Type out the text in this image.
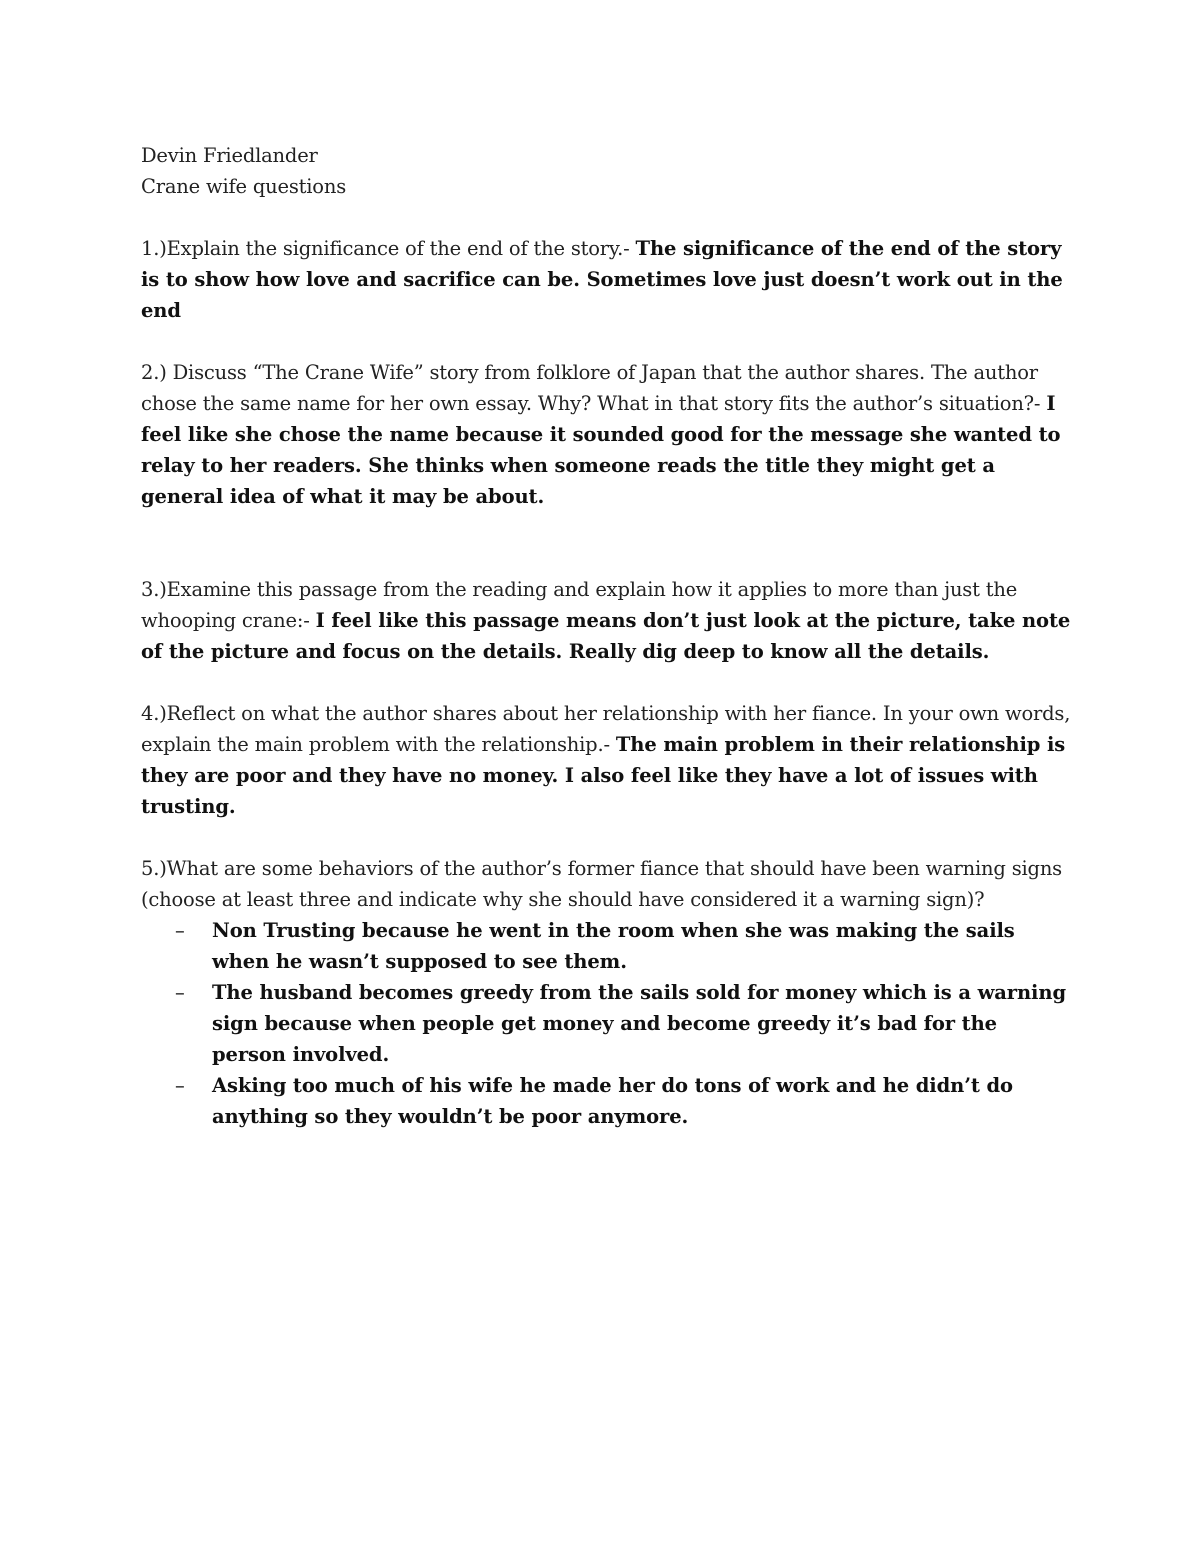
Devin Friedlander
Crane wife questions
1.)Explain the significance of the end of the story.- The significance of the end of the story is to show how love and sacrifice can be. Sometimes love just doesn’t work out in the end
2.) Discuss “The Crane Wife” story from folklore of Japan that the author shares. The author chose the same name for her own essay. Why? What in that story fits the author’s situation?- I feel like she chose the name because it sounded good for the message she wanted to relay to her readers. She thinks when someone reads the title they might get a general idea of what it may be about.
3.)Examine this passage from the reading and explain how it applies to more than just the whooping crane:- I feel like this passage means don’t just look at the picture, take note of the picture and focus on the details. Really dig deep to know all the details.
4.)Reflect on what the author shares about her relationship with her fiance. In your own words, explain the main problem with the relationship.- The main problem in their relationship is they are poor and they have no money. I also feel like they have a lot of issues with trusting.
5.)What are some behaviors of the author’s former fiance that should have been warning signs (choose at least three and indicate why she should have considered it a warning sign)?
– Non Trusting because he went in the room when she was making the sails when he wasn’t supposed to see them.
– The husband becomes greedy from the sails sold for money which is a warning sign because when people get money and become greedy it’s bad for the person involved.
– Asking too much of his wife he made her do tons of work and he didn’t do anything so they wouldn’t be poor anymore.
